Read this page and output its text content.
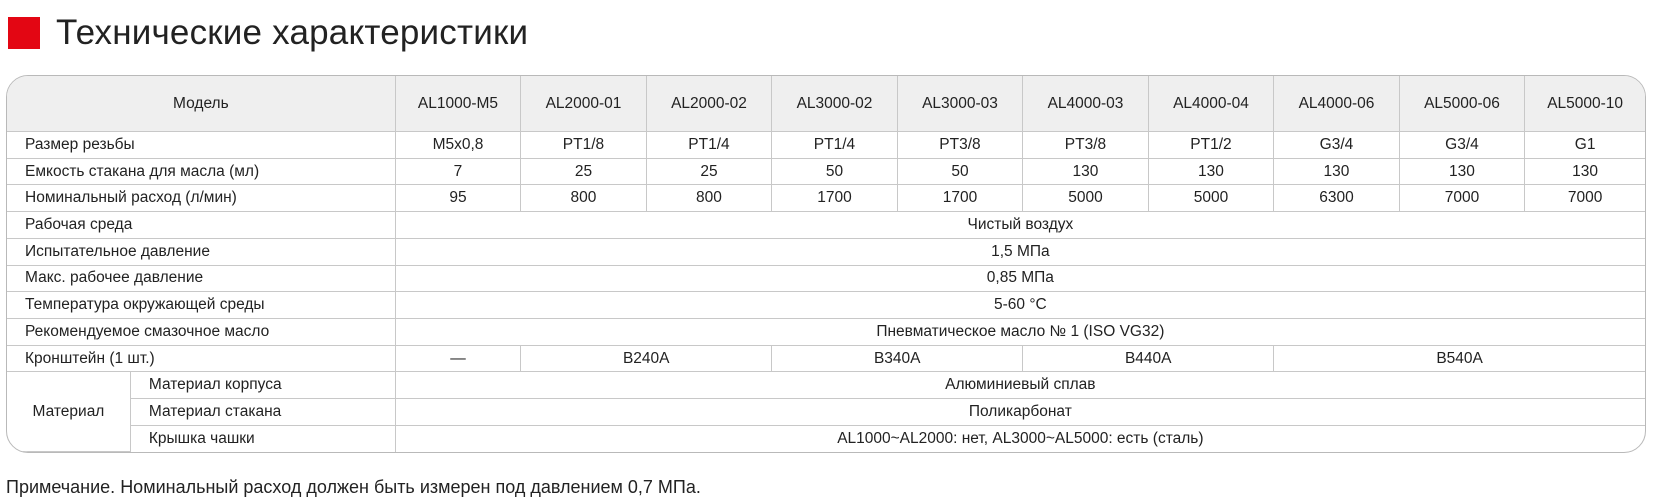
Технические характеристики
Модель		AL1000-M5	AL2000-01	AL2000-02	AL3000-02	AL3000-03	AL4000-03	AL4000-04	AL4000-06	AL5000-06	AL5000-10
Размер резьбы		M5x0,8	PT1/8	PT1/4	PT1/4	PT3/8	PT3/8	PT1/2	G3/4	G3/4	G1
Емкость стакана для масла (мл)		7	25	25	50	50	130	130	130	130	130
Номинальный расход (л/мин)		95	800	800	1700	1700	5000	5000	6300	7000	7000
Рабочая среда		Чистый воздух									
Испытательное давление		1,5 МПа									
Макс. рабочее давление		0,85 МПа									
Температура окружающей среды		5-60 °C									
Рекомендуемое смазочное масло		Пневматическое масло № 1 (ISO VG32)									
Кронштейн (1 шт.)		—	B240A		B340A		B440A		B540A		
Материал	Материал корпуса	Алюминиевый сплав									
	Материал стакана	Поликарбонат									
	Крышка чашки	AL1000~AL2000: нет, AL3000~AL5000: есть (сталь)									
Примечание. Номинальный расход должен быть измерен под давлением 0,7 МПа.
